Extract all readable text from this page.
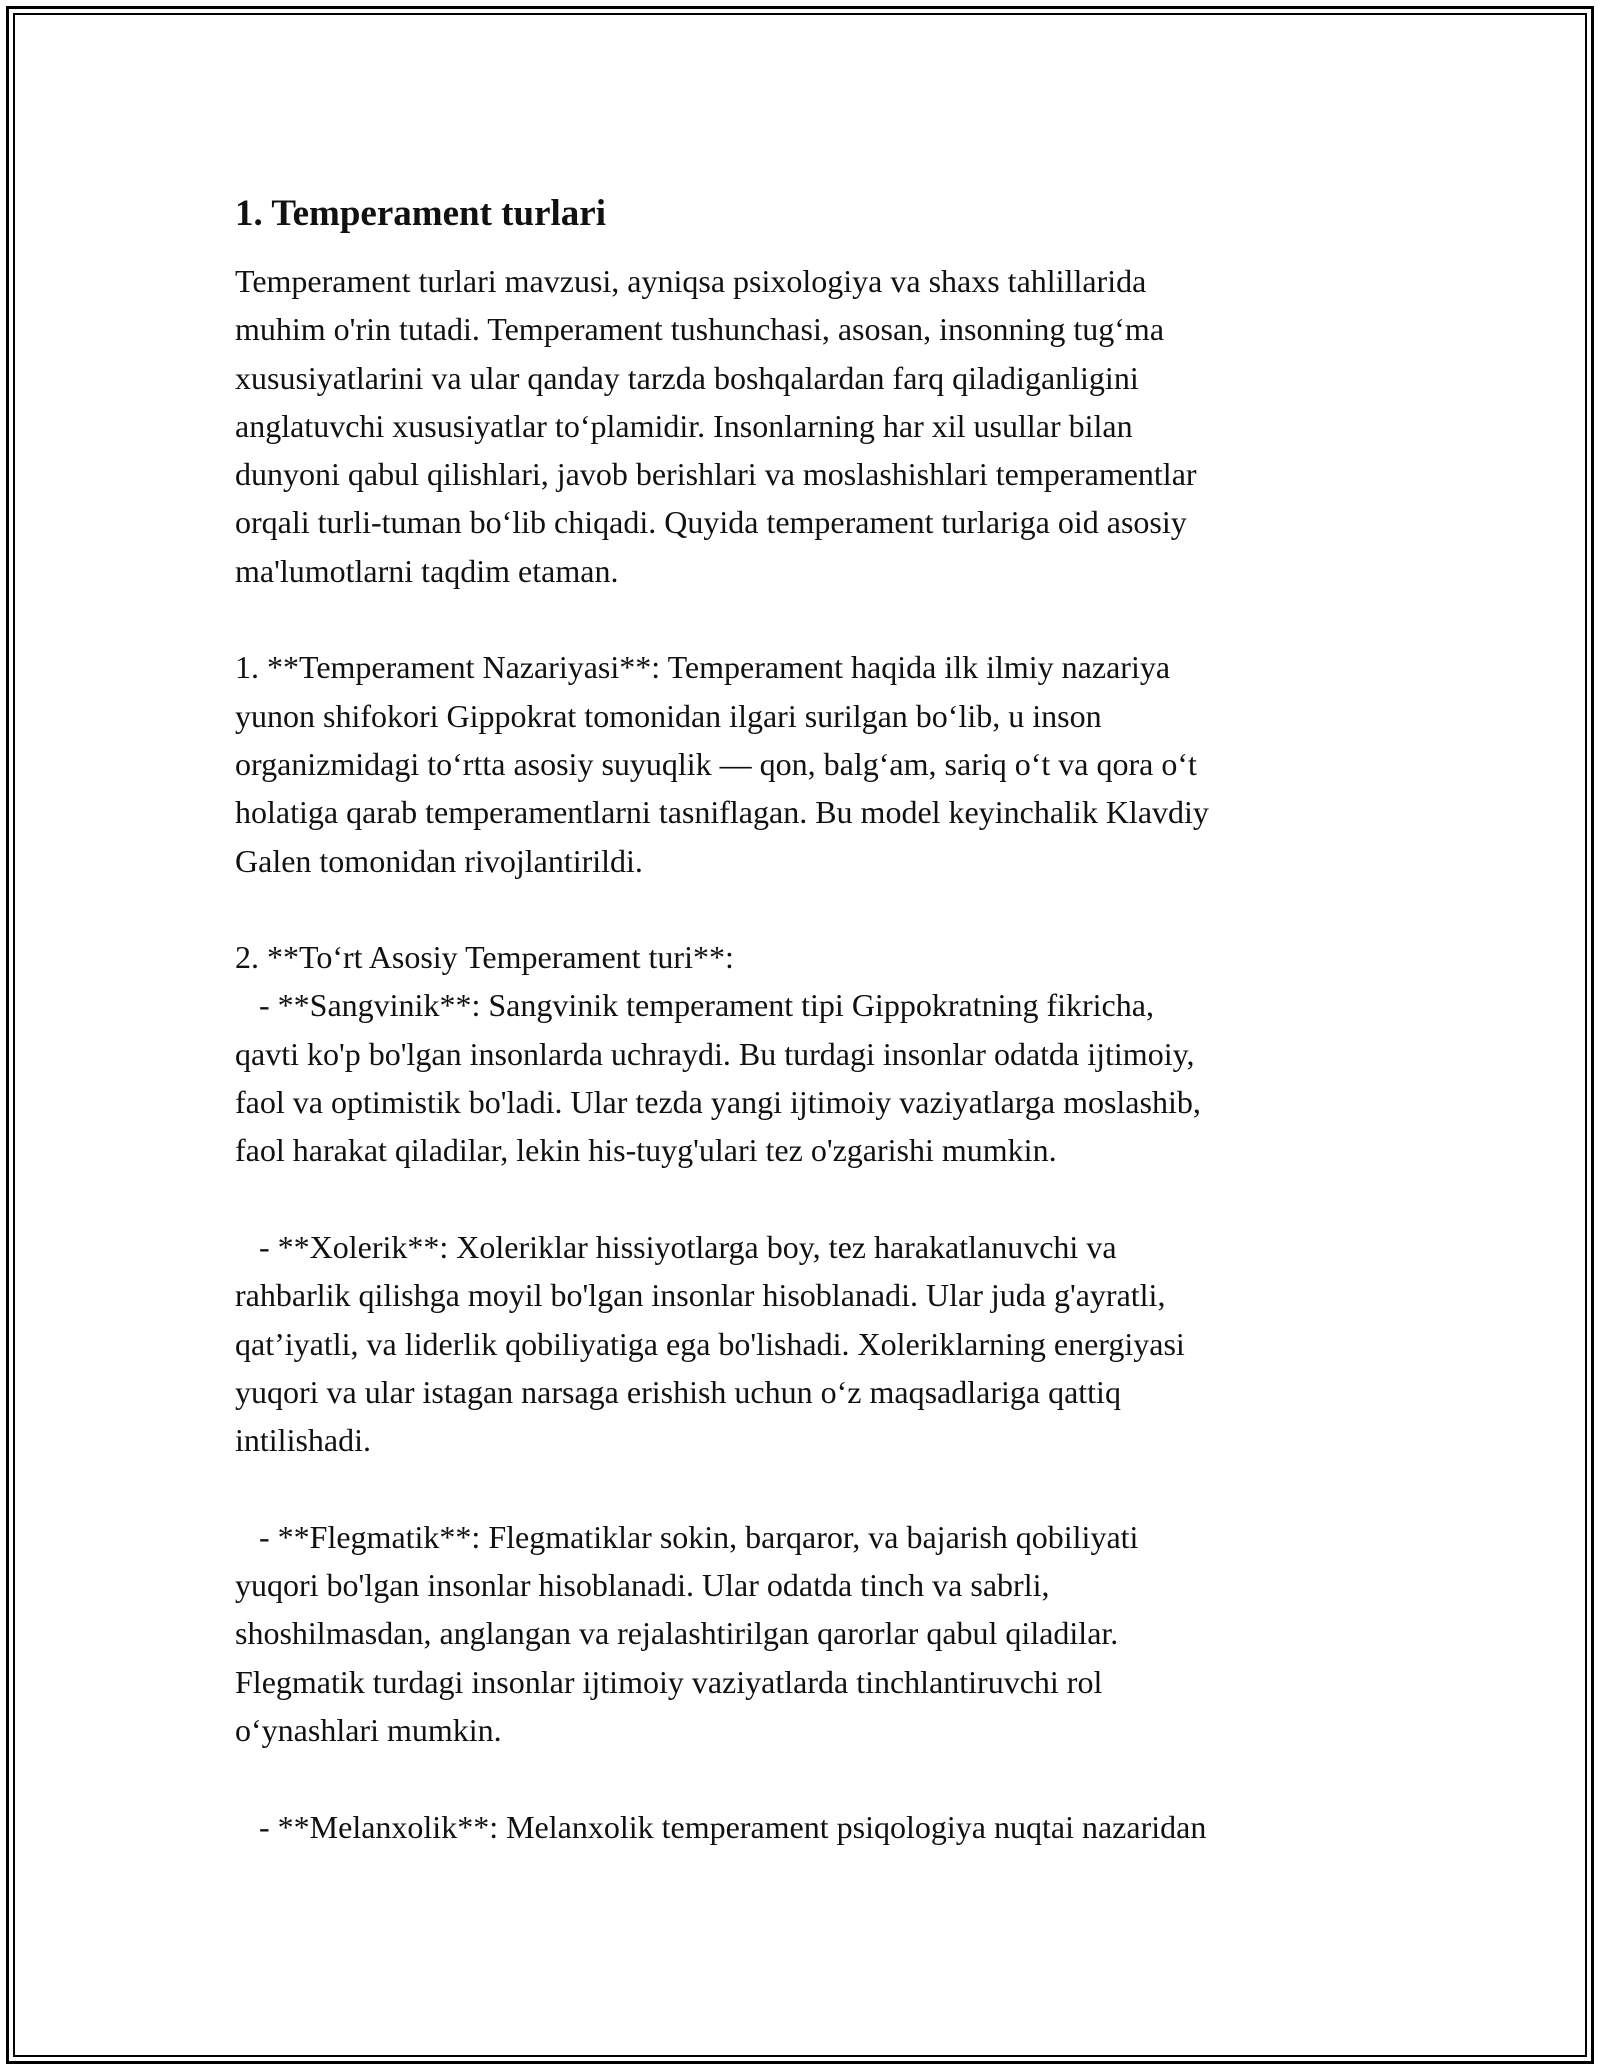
1. Temperament turlari
Temperament turlari mavzusi, ayniqsa psixologiya va shaxs tahlillarida
muhim o'rin tutadi. Temperament tushunchasi, asosan, insonning tug‘ma
xususiyatlarini va ular qanday tarzda boshqalardan farq qiladiganligini
anglatuvchi xususiyatlar to‘plamidir. Insonlarning har xil usullar bilan
dunyoni qabul qilishlari, javob berishlari va moslashishlari temperamentlar
orqali turli-tuman bo‘lib chiqadi. Quyida temperament turlariga oid asosiy
ma'lumotlarni taqdim etaman.
1. **Temperament Nazariyasi**: Temperament haqida ilk ilmiy nazariya
yunon shifokori Gippokrat tomonidan ilgari surilgan bo‘lib, u inson
organizmidagi to‘rtta asosiy suyuqlik — qon, balg‘am, sariq o‘t va qora o‘t
holatiga qarab temperamentlarni tasniflagan. Bu model keyinchalik Klavdiy
Galen tomonidan rivojlantirildi.
2. **To‘rt Asosiy Temperament turi**:
- **Sangvinik**: Sangvinik temperament tipi Gippokratning fikricha,
qavti ko'p bo'lgan insonlarda uchraydi. Bu turdagi insonlar odatda ijtimoiy,
faol va optimistik bo'ladi. Ular tezda yangi ijtimoiy vaziyatlarga moslashib,
faol harakat qiladilar, lekin his-tuyg'ulari tez o'zgarishi mumkin.
- **Xolerik**: Xoleriklar hissiyotlarga boy, tez harakatlanuvchi va
rahbarlik qilishga moyil bo'lgan insonlar hisoblanadi. Ular juda g'ayratli,
qat’iyatli, va liderlik qobiliyatiga ega bo'lishadi. Xoleriklarning energiyasi
yuqori va ular istagan narsaga erishish uchun o‘z maqsadlariga qattiq
intilishadi.
- **Flegmatik**: Flegmatiklar sokin, barqaror, va bajarish qobiliyati
yuqori bo'lgan insonlar hisoblanadi. Ular odatda tinch va sabrli,
shoshilmasdan, anglangan va rejalashtirilgan qarorlar qabul qiladilar.
Flegmatik turdagi insonlar ijtimoiy vaziyatlarda tinchlantiruvchi rol
o‘ynashlari mumkin.
- **Melanxolik**: Melanxolik temperament psiqologiya nuqtai nazaridan
